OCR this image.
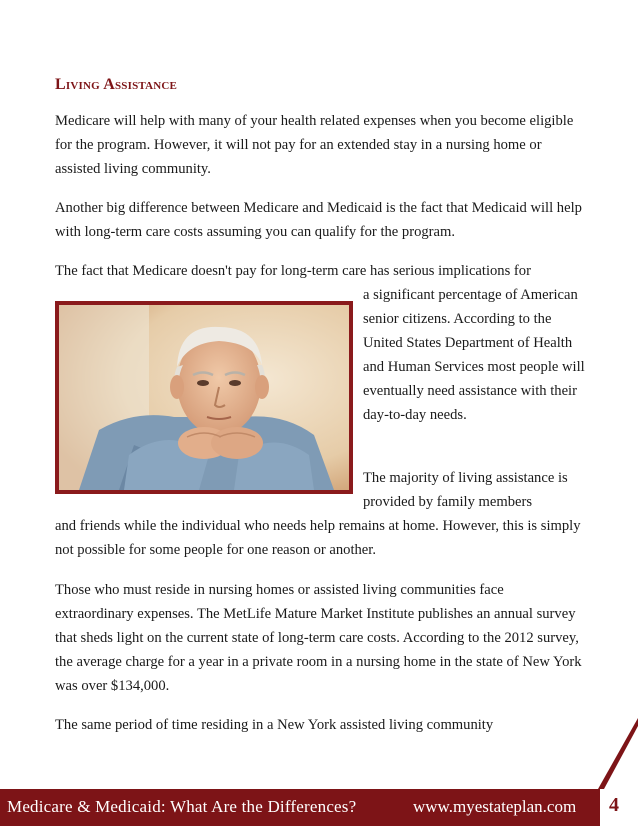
Living Assistance

Medicare will help with many of your health related expenses when you become eligible for the program. However, it will not pay for an extended stay in a nursing home or assisted living community.

Another big difference between Medicare and Medicaid is the fact that Medicaid will help with long-term care costs assuming you can qualify for the program.

The fact that Medicare doesn't pay for long-term care has serious implications for

a significant percentage of American senior citizens. According to the United States Department of Health and Human Services most people will eventually need assistance with their day-to-day needs.

The majority of living assistance is provided by family members

and friends while the individual who needs help remains at home. However, this is simply not possible for some people for one reason or another.

Those who must reside in nursing homes or assisted living communities face extraordinary expenses. The MetLife Mature Market Institute publishes an annual survey that sheds light on the current state of long-term care costs. According to the 2012 survey, the average charge for a year in a private room in a nursing home in the state of New York was over $134,000.

The same period of time residing in a New York assisted living community

Medicare & Medicaid: What Are the Differences?	www.myestateplan.com 4
